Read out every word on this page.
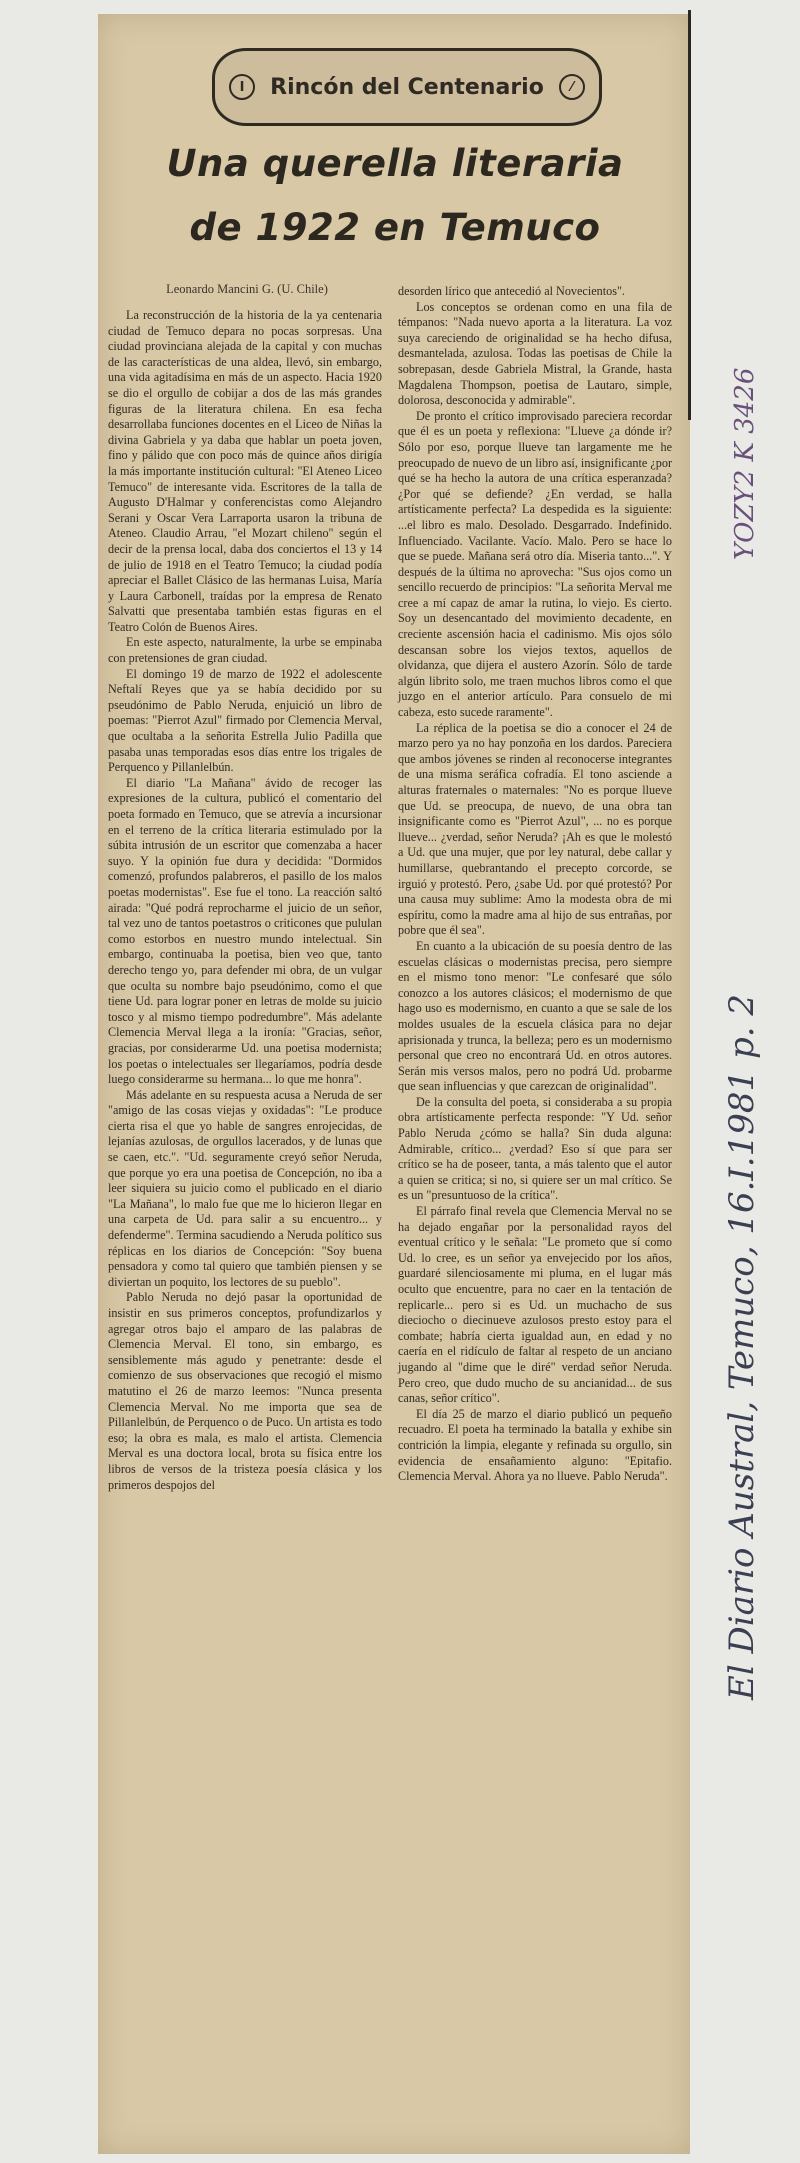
I	Rincón del Centenario	⁄
Una querella literaria
de 1922 en Temuco
Leonardo Mancini G. (U. Chile)

La reconstrucción de la historia de la ya centenaria ciudad de Temuco depara no pocas sorpresas. Una ciudad provinciana alejada de la capital y con muchas de las características de una aldea, llevó, sin embargo, una vida agitadísima en más de un aspecto. Hacia 1920 se dio el orgullo de cobijar a dos de las más grandes figuras de la literatura chilena. En esa fecha desarrollaba funciones docentes en el Liceo de Niñas la divina Gabriela y ya daba que hablar un poeta joven, fino y pálido que con poco más de quince años dirigía la más importante institución cultural: "El Ateneo Liceo Temuco" de interesante vida. Escritores de la talla de Augusto D'Halmar y conferencistas como Alejandro Serani y Oscar Vera Larraporta usaron la tribuna de Ateneo. Claudio Arrau, "el Mozart chileno" según el decir de la prensa local, daba dos conciertos el 13 y 14 de julio de 1918 en el Teatro Temuco; la ciudad podía apreciar el Ballet Clásico de las hermanas Luisa, María y Laura Carbonell, traídas por la empresa de Renato Salvatti que presentaba también estas figuras en el Teatro Colón de Buenos Aires.

En este aspecto, naturalmente, la urbe se empinaba con pretensiones de gran ciudad.

El domingo 19 de marzo de 1922 el adolescente Neftalí Reyes que ya se había decidido por su pseudónimo de Pablo Neruda, enjuició un libro de poemas: "Pierrot Azul" firmado por Clemencia Merval, que ocultaba a la señorita Estrella Julio Padilla que pasaba unas temporadas esos días entre los trigales de Perquenco y Pillanlelbún.

El diario "La Mañana" ávido de recoger las expresiones de la cultura, publicó el comentario del poeta formado en Temuco, que se atrevía a incursionar en el terreno de la crítica literaria estimulado por la súbita intrusión de un escritor que comenzaba a hacer suyo. Y la opinión fue dura y decidida: "Dormidos comenzó, profundos palabreros, el pasillo de los malos poetas modernistas". Ese fue el tono. La reacción saltó airada: "Qué podrá reprocharme el juicio de un señor, tal vez uno de tantos poetastros o criticones que pululan como estorbos en nuestro mundo intelectual. Sin embargo, continuaba la poetisa, bien veo que, tanto derecho tengo yo, para defender mi obra, de un vulgar que oculta su nombre bajo pseudónimo, como el que tiene Ud. para lograr poner en letras de molde su juicio tosco y al mismo tiempo podredumbre". Más adelante Clemencia Merval llega a la ironía: "Gracias, señor, gracias, por considerarme Ud. una poetisa modernista; los poetas o intelectuales ser llegaríamos, podría desde luego considerarme su hermana... lo que me honra".

Más adelante en su respuesta acusa a Neruda de ser "amigo de las cosas viejas y oxidadas": "Le produce cierta risa el que yo hable de sangres enrojecidas, de lejanías azulosas, de orgullos lacerados, y de lunas que se caen, etc.". "Ud. seguramente creyó señor Neruda, que porque yo era una poetisa de Concepción, no iba a leer siquiera su juicio como el publicado en el diario "La Mañana", lo malo fue que me lo hicieron llegar en una carpeta de Ud. para salir a su encuentro... y defenderme". Termina sacudiendo a Neruda político sus réplicas en los diarios de Concepción: "Soy buena pensadora y como tal quiero que también piensen y se diviertan un poquito, los lectores de su pueblo".

Pablo Neruda no dejó pasar la oportunidad de insistir en sus primeros conceptos, profundizarlos y agregar otros bajo el amparo de las palabras de Clemencia Merval. El tono, sin embargo, es sensiblemente más agudo y penetrante: desde el comienzo de sus observaciones que recogió el mismo matutino el 26 de marzo leemos: "Nunca presenta Clemencia Merval. No me importa que sea de Pillanlelbún, de Perquenco o de Puco. Un artista es todo eso; la obra es mala, es malo el artista. Clemencia Merval es una doctora local, brota su física entre los libros de versos de la tristeza poesía clásica y los primeros despojos del

desorden lírico que antecedió al Novecientos".

Los conceptos se ordenan como en una fila de témpanos: "Nada nuevo aporta a la literatura. La voz suya careciendo de originalidad se ha hecho difusa, desmantelada, azulosa. Todas las poetisas de Chile la sobrepasan, desde Gabriela Mistral, la Grande, hasta Magdalena Thompson, poetisa de Lautaro, simple, dolorosa, desconocida y admirable".

De pronto el crítico improvisado pareciera recordar que él es un poeta y reflexiona: "Llueve ¿a dónde ir? Sólo por eso, porque llueve tan largamente me he preocupado de nuevo de un libro así, insignificante ¿por qué se ha hecho la autora de una crítica esperanzada? ¿Por qué se defiende? ¿En verdad, se halla artísticamente perfecta? La despedida es la siguiente: ...el libro es malo. Desolado. Desgarrado. Indefinido. Influenciado. Vacilante. Vacío. Malo. Pero se hace lo que se puede. Mañana será otro día. Miseria tanto...". Y después de la última no aprovecha: "Sus ojos como un sencillo recuerdo de principios: "La señorita Merval me cree a mí capaz de amar la rutina, lo viejo. Es cierto. Soy un desencantado del movimiento decadente, en creciente ascensión hacia el cadinismo. Mis ojos sólo descansan sobre los viejos textos, aquellos de olvidanza, que dijera el austero Azorín. Sólo de tarde algún librito solo, me traen muchos libros como el que juzgo en el anterior artículo. Para consuelo de mi cabeza, esto sucede raramente".

La réplica de la poetisa se dio a conocer el 24 de marzo pero ya no hay ponzoña en los dardos. Pareciera que ambos jóvenes se rinden al reconocerse integrantes de una misma seráfica cofradía. El tono asciende a alturas fraternales o maternales: "No es porque llueve que Ud. se preocupa, de nuevo, de una obra tan insignificante como es "Pierrot Azul", ... no es porque llueve... ¿verdad, señor Neruda? ¡Ah es que le molestó a Ud. que una mujer, que por ley natural, debe callar y humillarse, quebrantando el precepto corcorde, se irguió y protestó. Pero, ¿sabe Ud. por qué protestó? Por una causa muy sublime: Amo la modesta obra de mi espíritu, como la madre ama al hijo de sus entrañas, por pobre que él sea".

En cuanto a la ubicación de su poesía dentro de las escuelas clásicas o modernistas precisa, pero siempre en el mismo tono menor: "Le confesaré que sólo conozco a los autores clásicos; el modernismo de que hago uso es modernismo, en cuanto a que se sale de los moldes usuales de la escuela clásica para no dejar aprisionada y trunca, la belleza; pero es un modernismo personal que creo no encontrará Ud. en otros autores. Serán mis versos malos, pero no podrá Ud. probarme que sean influencias y que carezcan de originalidad".

De la consulta del poeta, si consideraba a su propia obra artísticamente perfecta responde: "Y Ud. señor Pablo Neruda ¿cómo se halla? Sin duda alguna: Admirable, crítico... ¿verdad? Eso sí que para ser crítico se ha de poseer, tanta, a más talento que el autor a quien se critica; si no, si quiere ser un mal crítico. Se es un "presuntuoso de la crítica".

El párrafo final revela que Clemencia Merval no se ha dejado engañar por la personalidad rayos del eventual crítico y le señala: "Le prometo que sí como Ud. lo cree, es un señor ya envejecido por los años, guardaré silenciosamente mi pluma, en el lugar más oculto que encuentre, para no caer en la tentación de replicarle... pero si es Ud. un muchacho de sus dieciocho o diecinueve azulosos presto estoy para el combate; habría cierta igualdad aun, en edad y no caería en el ridículo de faltar al respeto de un anciano jugando al "dime que le diré" verdad señor Neruda. Pero creo, que dudo mucho de su ancianidad... de sus canas, señor crítico".

El día 25 de marzo el diario publicó un pequeño recuadro. El poeta ha terminado la batalla y exhibe sin contrición la limpia, elegante y refinada su orgullo, sin evidencia de ensañamiento alguno: "Epitafio. Clemencia Merval. Ahora ya no llueve. Pablo Neruda". El Diario Austral, Temuco, 16.I.1981 p. 2
YOZY2 K 3426
